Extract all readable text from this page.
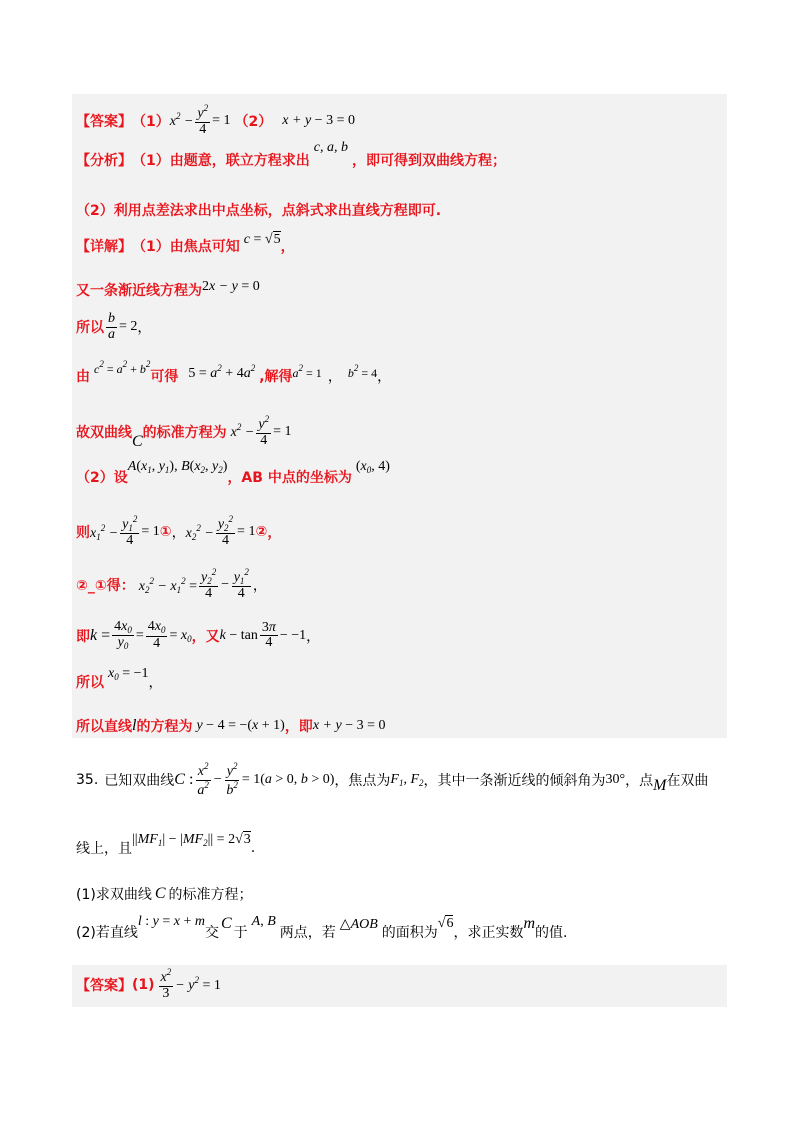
【答案】 （1） $x^2 - \frac{y^2}{4} = 1$ （2） x + y − 3 = 0
【分析】 （1）由题意，联立方程求出
c, a, b
，即可得到双曲线方程；
（2）利用点差法求出中点坐标，点斜式求出直线方程即可.
【详解】 （1）由焦点可知 c = √5 ，
又一条渐近线方程为 2x − y = 0
所以 $\frac{b}{a} = 2$ ，
由 $c^2 = a^2 + b^2$
可得 $5 = a^2 + 4a^2$
,解得 $a^2 = 1$ ， $b^2 = 4$ ，
故双曲线 C 的标准方程为 $x^2 - \frac{y^2}{4} = 1$
（2）设
$A(x_1$, $y_1$), $B(x_2$, $y_2$)
，AB 中点的坐标为
($x_0$, 4)
则 $x_1^2 - \frac{y_1^2}{4} = 1$ ① ， $x_2^2 - \frac{y_2^2}{4} = 1$ ② ，
②_①得： $x_2^2 - x_1^2 = \frac{y_2^2}{4} - \frac{y_1^2}{4}$ ，
即 $k = \frac{4x_0}{y_0} = \frac{4x_0}{4} = x_0$ ，又 $k - \tan \frac{3\pi}{4} - -1$ ，
所以
$x_0 = -1$
，
所以直线 l 的方程为 y − 4 = −(x + 1) ，即 x + y − 3 = 0
35. 已知双曲线 C : $\frac{x^2}{a^2} - \frac{y^2}{b^2} = 1(a > 0$, b > 0) ，焦点为 $F_1$, $F_2$ ，其中一条渐近线的倾斜角为 30° ，点 M 在双曲
线上，且
$||MF_1| - |MF_2|| = 2√3$
.
(1)求双曲线 C 的标准方程；
(2)若直线
l : y = x + m
交
C
于
A, B
两点，若
△AOB
的面积为
√6
，求正实数
m
的值.
【答案】 $(1) \frac{x^2}{3} - y^2 = 1$
